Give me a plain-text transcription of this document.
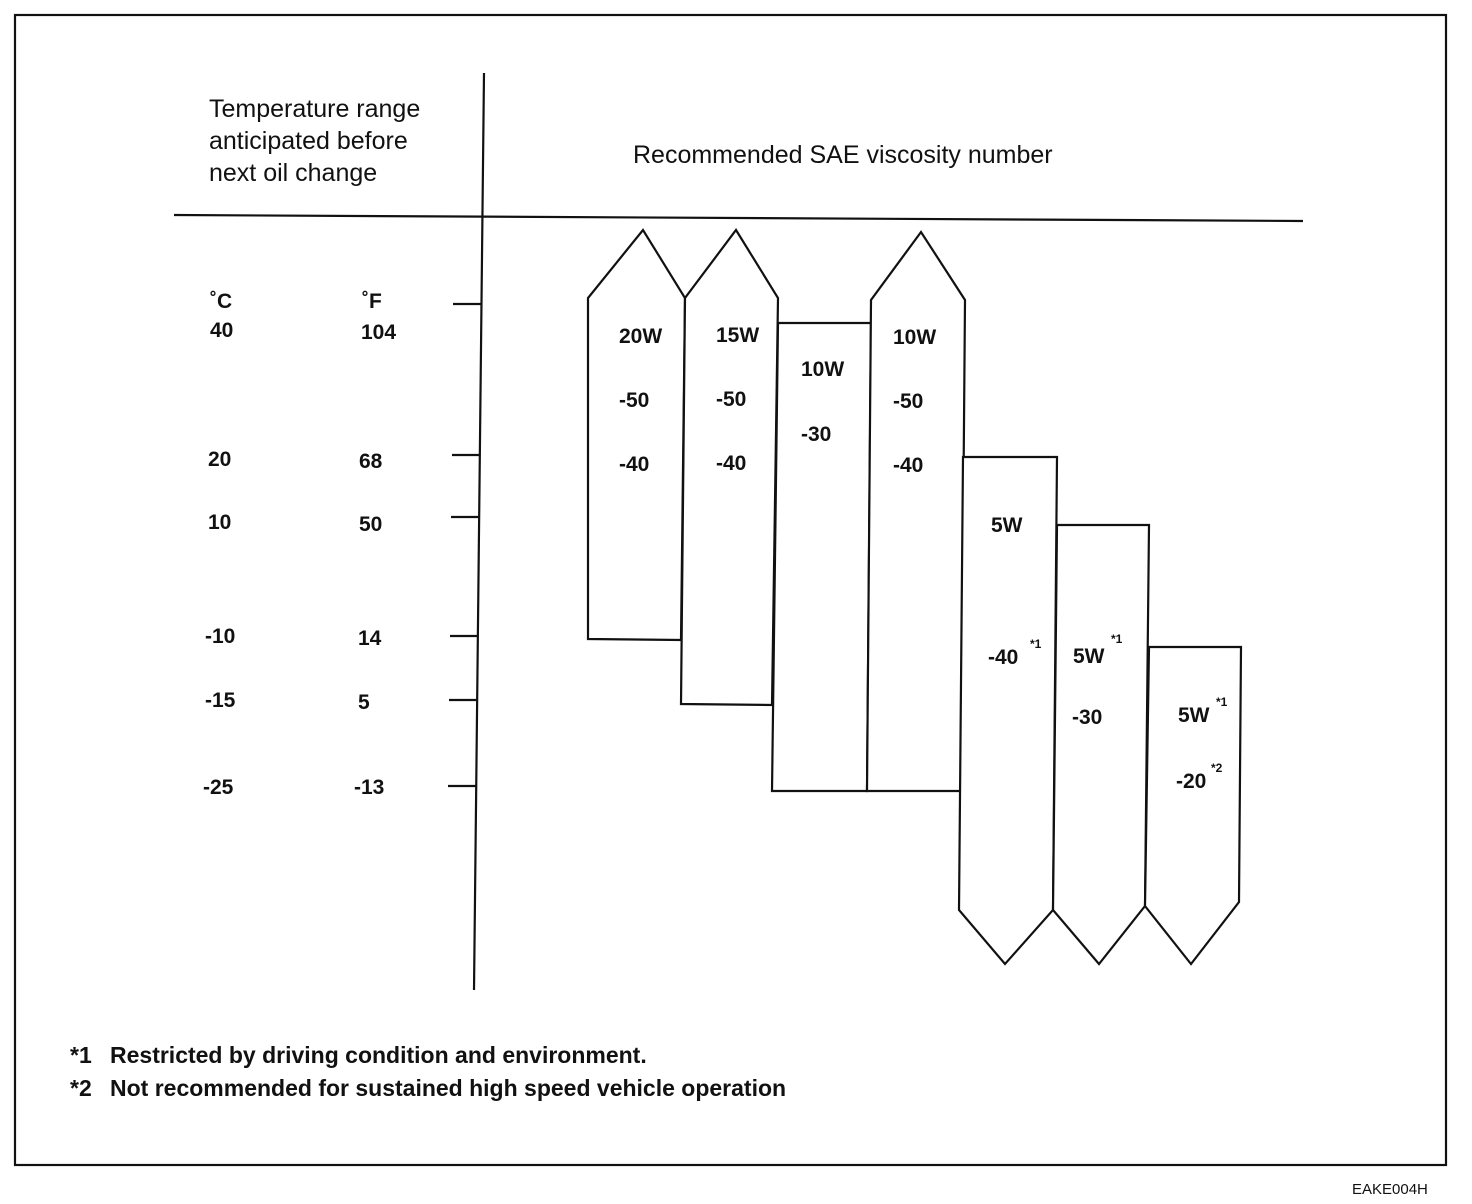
Temperature range
anticipated before
next oil change
Recommended SAE viscosity number
˚C	˚F
40	104
20	68
10	50
-10	14
-15	5
-25	-13
20W
-50
-40
15W
-50
-40
10W
-30
10W
-50
-40
5W
-40
*1
5W
*1
-30	5W
*1
-20
*2
*1 Restricted by driving condition and environment.
*2 Not recommended for sustained high speed vehicle operation
EAKE004H
